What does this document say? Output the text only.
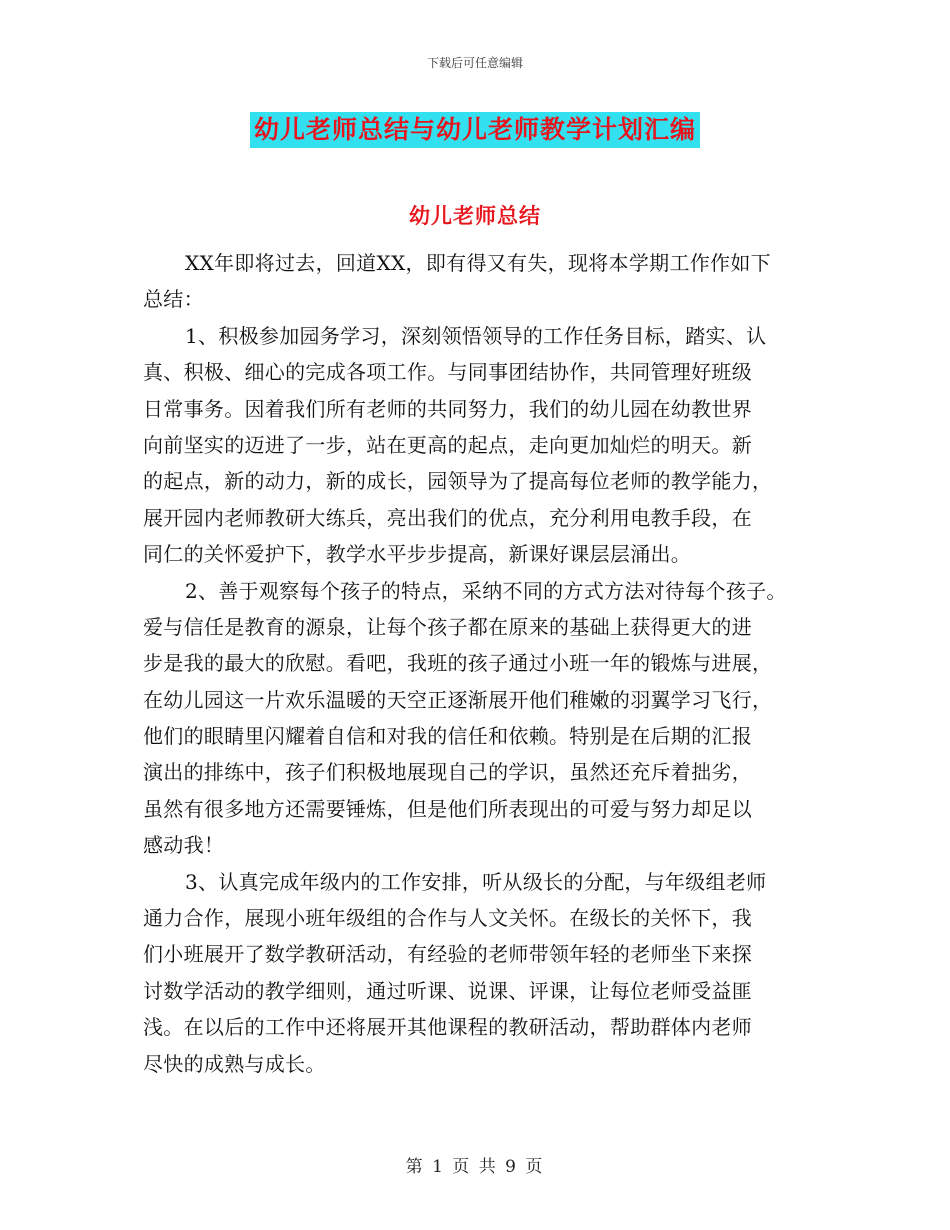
下载后可任意编辑
幼儿老师总结与幼儿老师教学计划汇编
幼儿老师总结
XX年即将过去，回道XX，即有得又有失，现将本学期工作作如下
总结：
1、积极参加园务学习，深刻领悟领导的工作任务目标，踏实、认
真、积极、细心的完成各项工作。与同事团结协作，共同管理好班级
日常事务。因着我们所有老师的共同努力，我们的幼儿园在幼教世界
向前坚实的迈进了一步，站在更高的起点，走向更加灿烂的明天。新
的起点，新的动力，新的成长，园领导为了提高每位老师的教学能力，
展开园内老师教研大练兵，亮出我们的优点，充分利用电教手段，在
同仁的关怀爱护下，教学水平步步提高，新课好课层层涌出。
2、善于观察每个孩子的特点，采纳不同的方式方法对待每个孩子。
爱与信任是教育的源泉，让每个孩子都在原来的基础上获得更大的进
步是我的最大的欣慰。看吧，我班的孩子通过小班一年的锻炼与进展，
在幼儿园这一片欢乐温暖的天空正逐渐展开他们稚嫩的羽翼学习飞行，
他们的眼睛里闪耀着自信和对我的信任和依赖。特别是在后期的汇报
演出的排练中，孩子们积极地展现自己的学识，虽然还充斥着拙劣，
虽然有很多地方还需要锤炼，但是他们所表现出的可爱与努力却足以
感动我！
3、认真完成年级内的工作安排，听从级长的分配，与年级组老师
通力合作，展现小班年级组的合作与人文关怀。在级长的关怀下，我
们小班展开了数学教研活动，有经验的老师带领年轻的老师坐下来探
讨数学活动的教学细则，通过听课、说课、评课，让每位老师受益匪
浅。在以后的工作中还将展开其他课程的教研活动，帮助群体内老师
尽快的成熟与成长。
第 1 页 共 9 页
